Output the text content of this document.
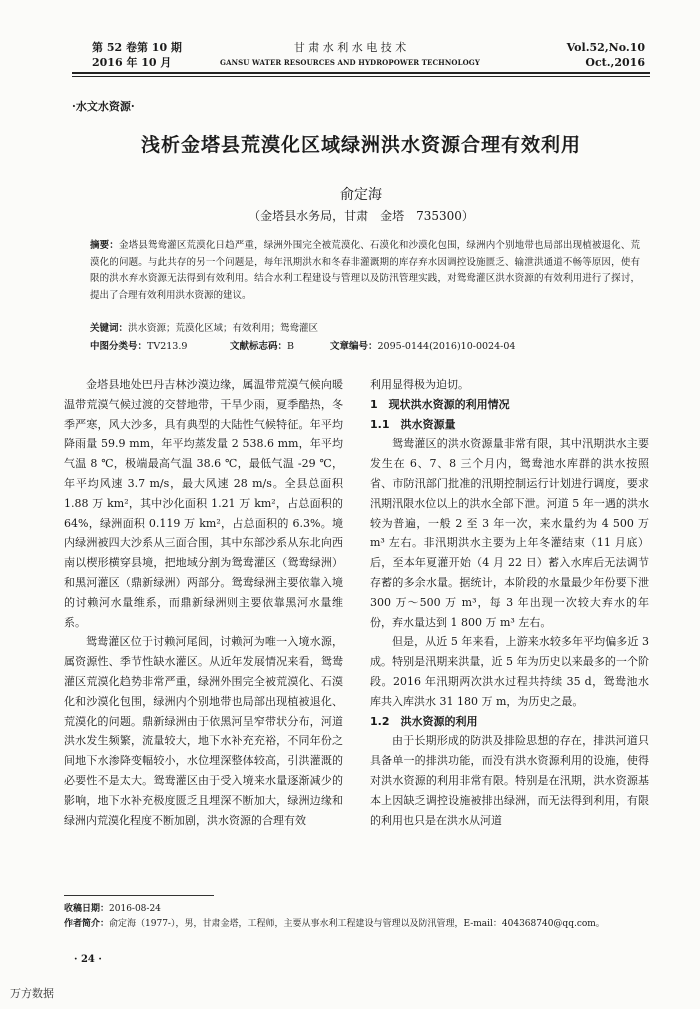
第 52 卷第 10 期
2016 年 10 月
甘 肃 水 利 水 电 技 术
GANSU WATER RESOURCES AND HYDROPOWER TECHNOLOGY
Vol.52,No.10
Oct.,2016
·水文水资源·
浅析金塔县荒漠化区域绿洲洪水资源合理有效利用
俞定海
（金塔县水务局，甘肃　金塔　735300）
摘要：金塔县鸳鸯灌区荒漠化日趋严重，绿洲外围完全被荒漠化、石漠化和沙漠化包围，绿洲内个别地带也局部出现植被退化、荒漠化的问题。与此共存的另一个问题是，每年汛期洪水和冬春非灌溉期的库存弃水因调控设施匮乏、输泄洪通道不畅等原因，使有限的洪水弃水资源无法得到有效利用。结合水利工程建设与管理以及防汛管理实践，对鸳鸯灌区洪水资源的有效利用进行了探讨，提出了合理有效利用洪水资源的建议。
关键词：洪水资源；荒漠化区域；有效利用；鸳鸯灌区
中图分类号：TV213.9	文献标志码：B	文章编号：2095-0144(2016)10-0024-04

金塔县地处巴丹吉林沙漠边缘，属温带荒漠气候向暖温带荒漠气候过渡的交替地带，干旱少雨，夏季酷热，冬季严寒，风大沙多，具有典型的大陆性气候特征。年平均降雨量 59.9 mm，年平均蒸发量 2 538.6 mm，年平均气温 8 ℃，极端最高气温 38.6 ℃，最低气温 -29 ℃，年平均风速 3.7 m/s，最大风速 28 m/s。全县总面积 1.88 万 km²，其中沙化面积 1.21 万 km²，占总面积的 64%，绿洲面积 0.119 万 km²，占总面积的 6.3%。境内绿洲被四大沙系从三面合围，其中东部沙系从东北向西南以楔形横穿县境，把地域分割为鸳鸯灌区（鸳鸯绿洲）和黑河灌区（鼎新绿洲）两部分。鸳鸯绿洲主要依靠入境的讨赖河水量维系，而鼎新绿洲则主要依靠黑河水量维系。

鸳鸯灌区位于讨赖河尾闾，讨赖河为唯一入境水源，属资源性、季节性缺水灌区。从近年发展情况来看，鸳鸯灌区荒漠化趋势非常严重，绿洲外围完全被荒漠化、石漠化和沙漠化包围，绿洲内个别地带也局部出现植被退化、荒漠化的问题。鼎新绿洲由于依黑河呈窄带状分布，河道洪水发生频繁，流量较大，地下水补充充裕，不同年份之间地下水渗降变幅较小，水位埋深整体较高，引洪灌溉的必要性不是太大。鸳鸯灌区由于受入境来水量逐渐减少的影响，地下水补充极度匮乏且埋深不断加大，绿洲边缘和绿洲内荒漠化程度不断加剧，洪水资源的合理有效

利用显得极为迫切。

1　现状洪水资源的利用情况
1.1　洪水资源量

鸳鸯灌区的洪水资源量非常有限，其中汛期洪水主要发生在 6、7、8 三个月内，鸳鸯池水库群的洪水按照省、市防汛部门批准的汛期控制运行计划进行调度，要求汛期汛限水位以上的洪水全部下泄。河道 5 年一遇的洪水较为普遍，一般 2 至 3 年一次，来水量约为 4 500 万 m³ 左右。非汛期洪水主要为上年冬灌结束（11 月底）后，至本年夏灌开始（4 月 22 日）蓄入水库后无法调节存蓄的多余水量。据统计，本阶段的水量最少年份要下泄 300 万～500 万 m³，每 3 年出现一次较大弃水的年份，弃水量达到 1 800 万 m³ 左右。

但是，从近 5 年来看，上游来水较多年平均偏多近 3 成。特别是汛期来洪量，近 5 年为历史以来最多的一个阶段。2016 年汛期两次洪水过程共持续 35 d，鸳鸯池水库共入库洪水 31 180 万 m，为历史之最。

1.2　洪水资源的利用

由于长期形成的防洪及排险思想的存在，排洪河道只具备单一的排洪功能，而没有洪水资源利用的设施，使得对洪水资源的利用非常有限。特别是在汛期，洪水资源基本上因缺乏调控设施被排出绿洲，而无法得到利用，有限的利用也只是在洪水从河道

收稿日期：2016-08-24
作者简介：俞定海（1977-），男，甘肃金塔，工程师，主要从事水利工程建设与管理以及防汛管理，E-mail：404368740@qq.com。
· 24 ·
万方数据
